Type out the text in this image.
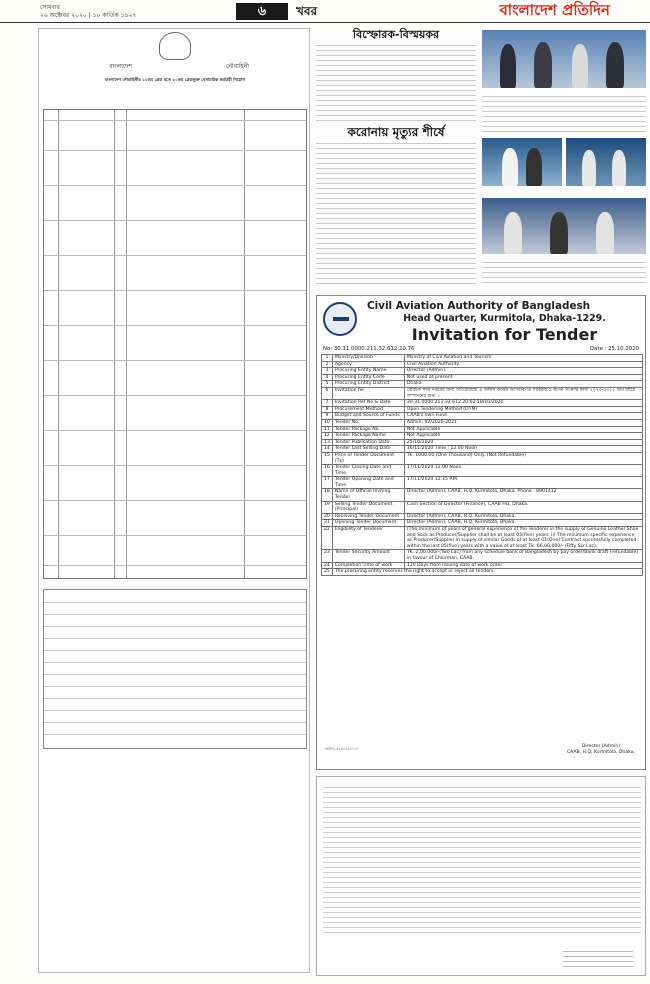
সোমবার
২৬ অক্টোবর ২০২০ | ১০ কার্তিক ১৪২৭	৬	খবর	বাংলাদেশ প্রতিদিন
বাংলাদেশ	নৌবাহিনী
বাংলাদেশ নৌবাহিনীর ১১তম গ্রেড হতে ২০তম গ্রেডভুক্ত বেসামরিক কর্মচারী নিয়োগ
বিস্ফোরক-বিস্ময়কর
করোনায় মৃত্যুর শীর্ষে
Civil Aviation Authority of Bangladesh
Head Quarter, Kurmitola, Dhaka-1229.
Invitation for Tender
No: 30.31.0000.211.32.612.20.76	Date : 25.10.2020
1	Ministry/Division	Ministry of Civil Aviation and Tourism
2	Agency	Civil Aviation Authority
3	Procuring Entity Name	Director (Admin).
4	Procuring Entity Code	Not used at present
5	Procuring Entity District	Dhaka
6	Invitation for	বেবিচক সদর দপ্তরের জন্য অডিটরিয়াম ও অফিস কক্ষের আসবাবপত্র সরবরাহ ও স্থাপন সংক্রান্ত কাজ ২০২০-২০২১ অর্থ বছরে সম্পাদনের জন্য ।
7	Invitation Ref No & Date	30.31.0000.211.32.612.20.62 18/10/2020
8	Procurement Method	Open Tendering Method (OTM)
9	Budget and Source of Funds	CAAB's own Fund
10	Tender No.	Admin: 02/2020-2021
11	Tender Package No.	Not Applicable
12	Tender Package Name	Not Applicable
13	Tender Publication Date	25/10/2020
14	Tender Last Selling Date	16/11/2020 Time : 12.00 Noon
15	Price of Tender Document (Tk)	Tk. 1000.00 (One Thousand) Only. (Not Refundable)
16	Tender Closing Date and Time	17/11/2020 12.00 Noon
17	Tender Opening Date and Time	17/11/2020 12.15 P.M.
18	Name of Official Inviting Tender	Director (Admin), CAAB, H.Q, Kurmitola, Dhaka. Phone : 8901412
19	Selling Tender Document (Principal)	Cash Section of Director (Finance), CAAB HQ, Dhaka.
20	Receiving Tender Document	Director (Admin), CAAB, H.Q, Kurmitola, Dhaka.
21	Opening Tender Document	Director (Admin), CAAB, H.Q, Kurmitola, Dhaka.
22	Eligibility of Tenderer	(The minimum of years of general experience of the Tenderer in the supply of Genuine Leather Shoe and Sock as Producer/Supplier shall be at least 05(five) years. ii) The minimum specific experience as Producer/Supplier in supply of similar Goods of at least 01(One) Contract successfully completed within the last 05(five) years with a value of at least Tk. 66,00,000/- (Fifty Six Lac).
23	Tender Security Amount	TK. 2,00,000/-(Two Lac) from any schedule bank of Bangladesh by pay order/Bank draft (refundable) in favour of Chairman, CAAB.
24	Completion Time of work	120 Days from issuing date of work order
25	The procuring entity reserves the right to accept or reject all tenders.	
Director (Admin)
CAAB, H.Q, Kurmitola, Dhaka.
আইডি-৩২৩০৯/২০২০
